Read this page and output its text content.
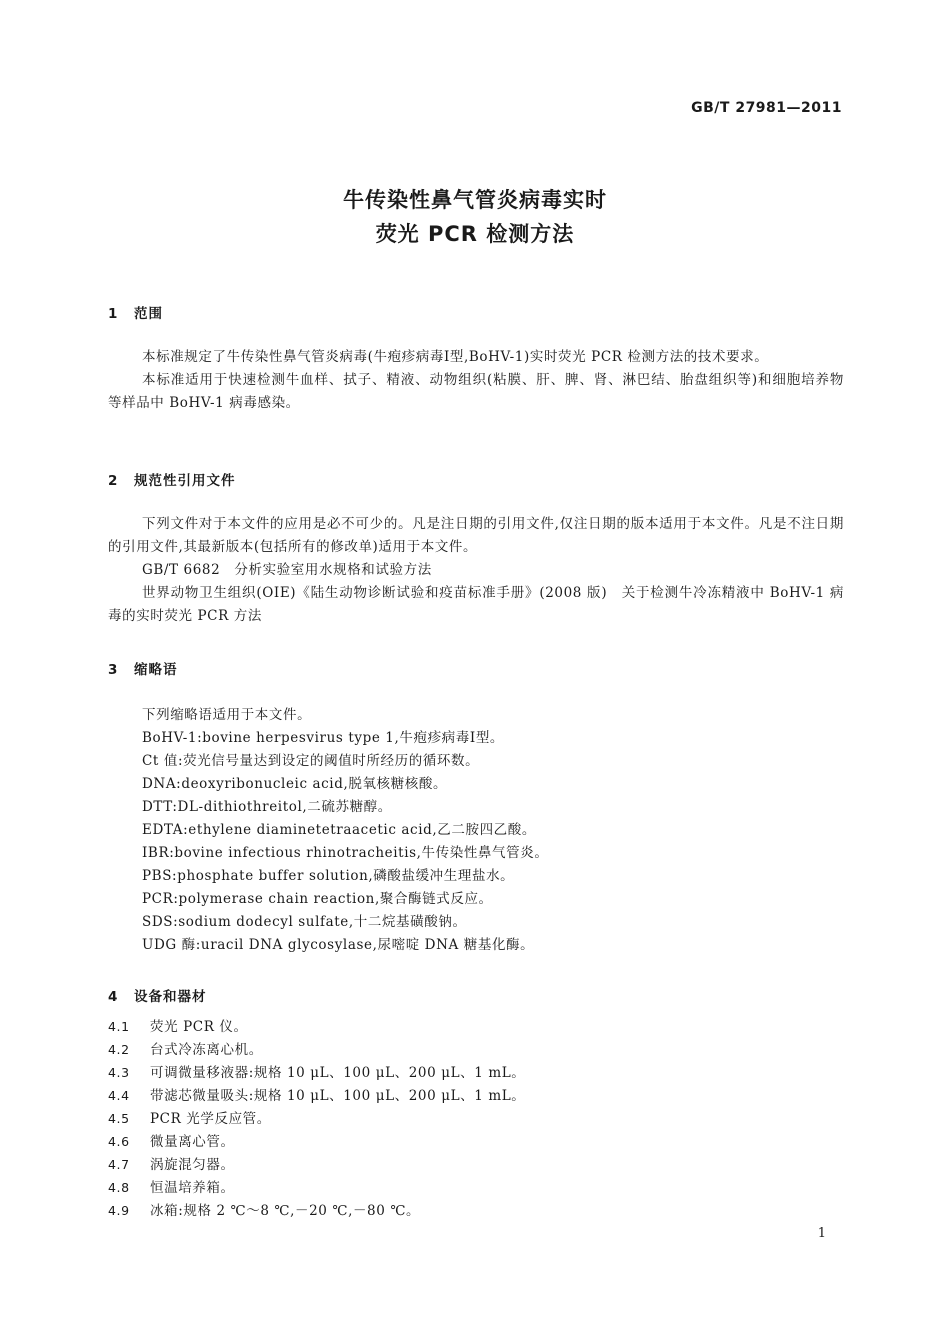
GB/T 27981—2011
牛传染性鼻气管炎病毒实时
荧光 PCR 检测方法
1 范围

本标准规定了牛传染性鼻气管炎病毒(牛疱疹病毒Ⅰ型,BoHV-1)实时荧光 PCR 检测方法的技术要求。

本标准适用于快速检测牛血样、拭子、精液、动物组织(粘膜、肝、脾、肾、淋巴结、胎盘组织等)和细胞培养物等样品中 BoHV-1 病毒感染。

2 规范性引用文件

下列文件对于本文件的应用是必不可少的。凡是注日期的引用文件,仅注日期的版本适用于本文件。凡是不注日期的引用文件,其最新版本(包括所有的修改单)适用于本文件。

GB/T 6682　分析实验室用水规格和试验方法

世界动物卫生组织(OIE)《陆生动物诊断试验和疫苗标准手册》(2008 版)　关于检测牛冷冻精液中 BoHV-1 病毒的实时荧光 PCR 方法

3 缩略语
下列缩略语适用于本文件。
BoHV-1:bovine herpesvirus type 1,牛疱疹病毒Ⅰ型。
Ct 值:荧光信号量达到设定的阈值时所经历的循环数。
DNA:deoxyribonucleic acid,脱氧核糖核酸。
DTT:DL-dithiothreitol,二硫苏糖醇。
EDTA:ethylene diaminetetraacetic acid,乙二胺四乙酸。
IBR:bovine infectious rhinotracheitis,牛传染性鼻气管炎。
PBS:phosphate buffer solution,磷酸盐缓冲生理盐水。
PCR:polymerase chain reaction,聚合酶链式反应。
SDS:sodium dodecyl sulfate,十二烷基磺酸钠。
UDG 酶:uracil DNA glycosylase,尿嘧啶 DNA 糖基化酶。
4 设备和器材
4.1 荧光 PCR 仪。
4.2 台式冷冻离心机。
4.3 可调微量移液器:规格 10 μL、100 μL、200 μL、1 mL。
4.4 带滤芯微量吸头:规格 10 μL、100 μL、200 μL、1 mL。
4.5 PCR 光学反应管。
4.6 微量离心管。
4.7 涡旋混匀器。
4.8 恒温培养箱。
4.9 冰箱:规格 2 ℃～8 ℃,－20 ℃,－80 ℃。
1
